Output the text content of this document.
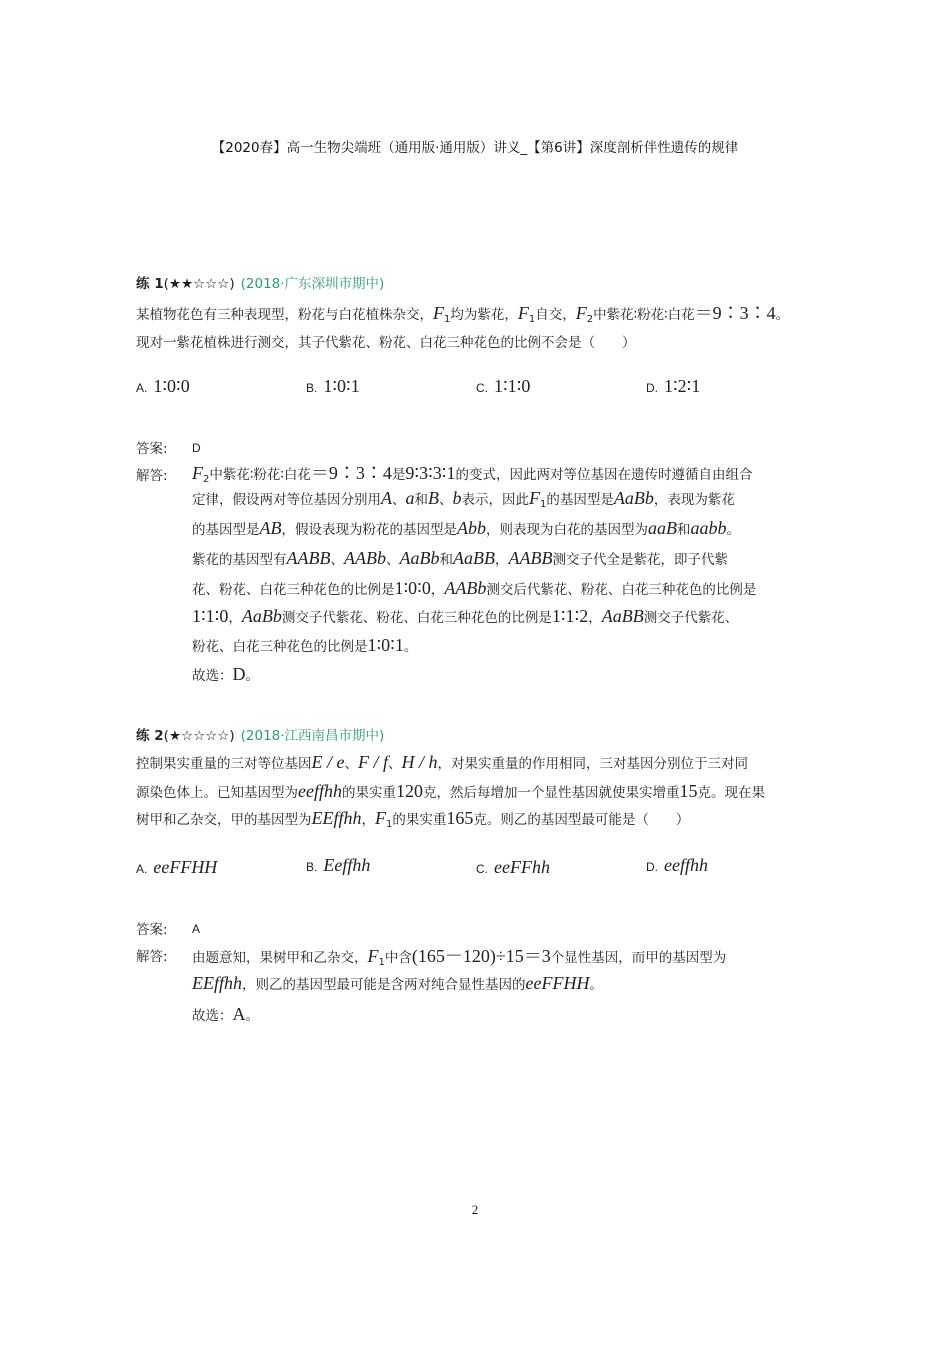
【2020春】高一生物尖端班（通用版·通用版）讲义_【第6讲】深度剖析伴性遗传的规律
练 1(★★☆☆☆) (2018·广东深圳市期中)
某植物花色有三种表现型，粉花与白花植株杂交，$F_1$均为紫花，$F_1$自交，$F_2$中紫花∶粉花∶白花＝9∶3∶4。
现对一紫花植株进行测交，其子代紫花、粉花、白花三种花色的比例不会是（　　）
A. 1∶0∶0	B. 1∶0∶1	C. 1∶1∶0	D. 1∶2∶1
答案: D
解答: $F_2$中紫花∶粉花∶白花＝9∶3∶4是9∶3∶3∶1的变式，因此两对等位基因在遗传时遵循自由组合
定律，假设两对等位基因分别用A、a和B、b表示，因此$F_1$的基因型是AaBb，表现为紫花
的基因型是AB，假设表现为粉花的基因型是Abb，则表现为白花的基因型为aaB和aabb。
紫花的基因型有AABB、AABb、AaBb和AaBB，AABB测交子代全是紫花，即子代紫
花、粉花、白花三种花色的比例是1∶0∶0，AABb测交后代紫花、粉花、白花三种花色的比例是
1∶1∶0，AaBb测交子代紫花、粉花、白花三种花色的比例是1∶1∶2，AaBB测交子代紫花、
粉花、白花三种花色的比例是1∶0∶1。
故选：D。
练 2(★☆☆☆☆) (2018·江西南昌市期中)
控制果实重量的三对等位基因E / e、F / f、H / h，对果实重量的作用相同，三对基因分别位于三对同
源染色体上。已知基因型为eeffhh的果实重120克，然后每增加一个显性基因就使果实增重15克。现在果
树甲和乙杂交，甲的基因型为EEffhh，$F_1$的果实重165克。则乙的基因型最可能是（　　）
A. eeFFHH	B. Eeffhh	C. eeFFhh	D. eeffhh
答案: A
解答: 由题意知，果树甲和乙杂交，$F_1$中含(165－120)÷15＝3个显性基因，而甲的基因型为
EEffhh，则乙的基因型最可能是含两对纯合显性基因的eeFFHH。
故选：A。
2
